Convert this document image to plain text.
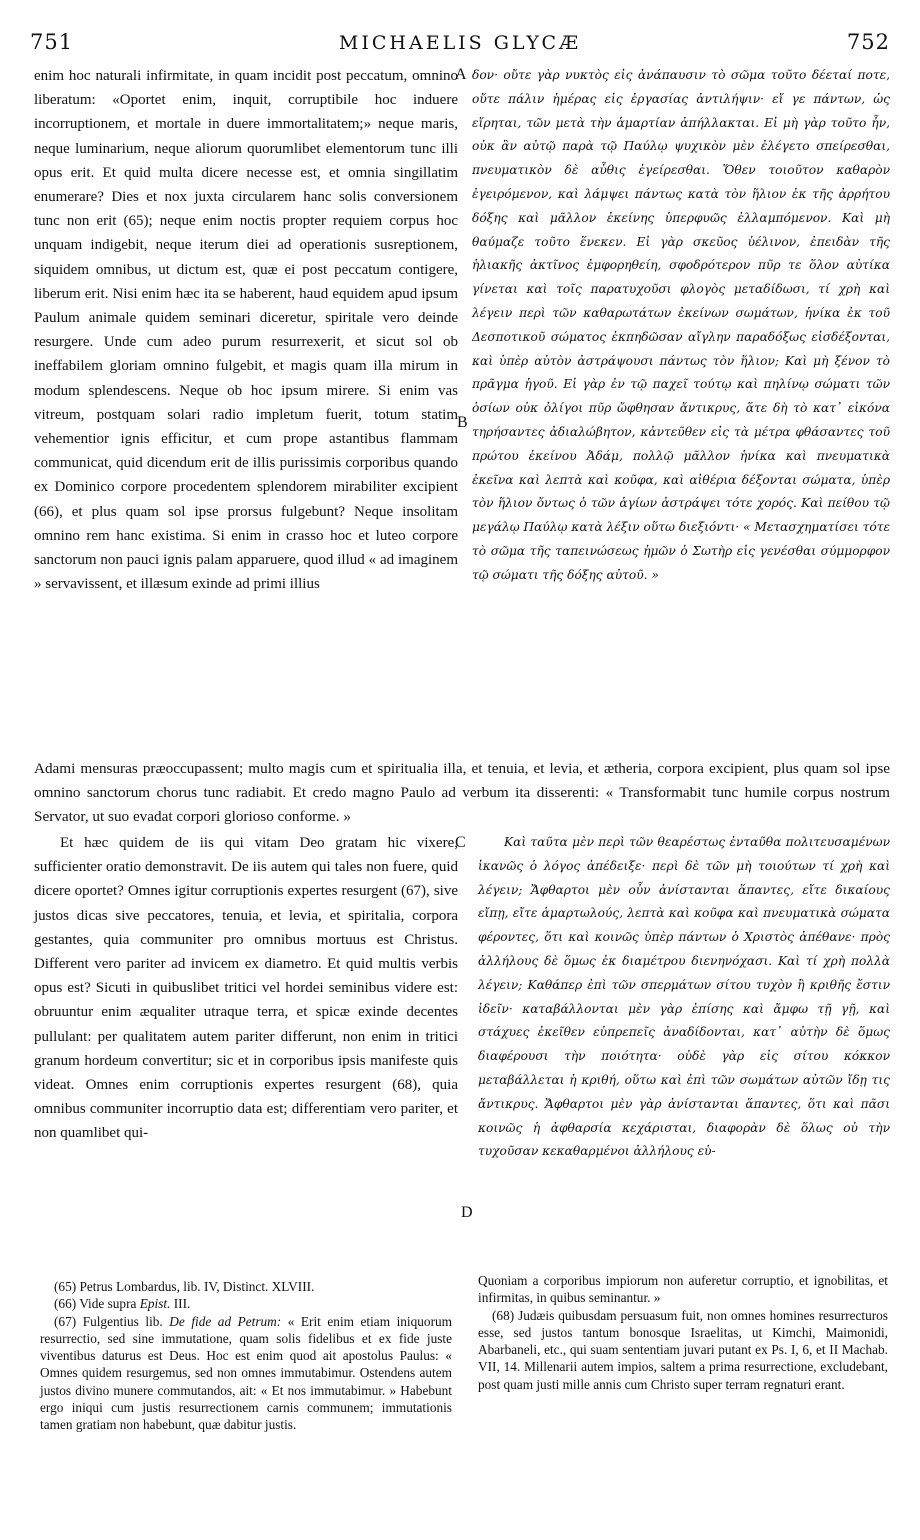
751	MICHAELIS GLYCÆ	752

enim hoc naturali infirmitate, in quam incidit post peccatum, omnino liberatum: «Oportet enim, inquit, corruptibile hoc induere incorruptionem, et mortale in duere immortalitatem;» neque maris, neque luminarium, neque aliorum quorumlibet elementorum tunc illi opus erit. Et quid multa dicere necesse est, et omnia singillatim enumerare? Dies et nox juxta circularem hanc solis conversionem tunc non erit (65); neque enim noctis propter requiem corpus hoc unquam indigebit, neque iterum diei ad operationis susreptionem, siquidem omnibus, ut dictum est, quæ ei post peccatum contigere, liberum erit. Nisi enim hæc ita se haberent, haud equidem apud ipsum Paulum animale quidem seminari diceretur, spiritale vero deinde resurgere. Unde cum adeo purum resurrexerit, et sicut sol ob ineffabilem gloriam omnino fulgebit, et magis quam illa mirum in modum splendescens. Neque ob hoc ipsum mirere. Si enim vas vitreum, postquam solari radio impletum fuerit, totum statim vehementior ignis efficitur, et cum prope astantibus flammam communicat, quid dicendum erit de illis purissimis corporibus quando ex Dominico corpore procedentem splendorem mirabiliter excipient (66), et plus quam sol ipse prorsus fulgebunt? Neque insolitam omnino rem hanc existima. Si enim in crasso hoc et luteo corpore sanctorum non pauci ignis palam apparuere, quod illud « ad imaginem » servavissent, et illæsum exinde ad primi illius

A
B

δον· οὔτε γὰρ νυκτὸς εἰς ἀνάπαυσιν τὸ σῶμα τοῦτο δέεταί ποτε, οὔτε πάλιν ἡμέρας εἰς ἐργασίας ἀντιλήψιν· εἴ γε πάντων, ὡς εἴρηται, τῶν μετὰ τὴν ἁμαρτίαν ἀπήλλακται. Εἰ μὴ γὰρ τοῦτο ἦν, οὐκ ἂν αὐτῷ παρὰ τῷ Παύλῳ ψυχικὸν μὲν ἐλέγετο σπείρεσθαι, πνευματικὸν δὲ αὖθις ἐγείρεσθαι. Ὅθεν τοιοῦτον καθαρὸν ἐγειρόμενον, καὶ λάμψει πάντως κατὰ τὸν ἥλιον ἐκ τῆς ἀρρήτου δόξης καὶ μᾶλλον ἐκείνης ὑπερφυῶς ἐλλαμπόμενον. Καὶ μὴ θαύμαζε τοῦτο ἕνεκεν. Εἰ γὰρ σκεῦος ὑέλινον, ἐπειδὰν τῆς ἡλιακῆς ἀκτῖνος ἐμφορηθείη, σφοδρότερον πῦρ τε ὅλον αὐτίκα γίνεται καὶ τοῖς παρατυχοῦσι φλογὸς μεταδίδωσι, τί χρὴ καὶ λέγειν περὶ τῶν καθαρωτάτων ἐκείνων σωμάτων, ἡνίκα ἐκ τοῦ Δεσποτικοῦ σώματος ἐκπηδῶσαν αἴγλην παραδόξως εἰσδέξονται, καὶ ὑπὲρ αὐτὸν ἀστράψουσι πάντως τὸν ἥλιον; Καὶ μὴ ξένον τὸ πρᾶγμα ἡγοῦ. Εἰ γὰρ ἐν τῷ παχεῖ τούτῳ καὶ πηλίνῳ σώματι τῶν ὁσίων οὐκ ὀλίγοι πῦρ ὤφθησαν ἄντικρυς, ἅτε δὴ τὸ κατ᾽ εἰκόνα τηρήσαντες ἀδιαλώβητον, κἀντεῦθεν εἰς τὰ μέτρα φθάσαντες τοῦ πρώτου ἐκείνου Ἀδάμ, πολλῷ μᾶλλον ἡνίκα καὶ πνευματικὰ ἐκεῖνα καὶ λεπτὰ καὶ κοῦφα, καὶ αἰθέρια δέξονται σώματα, ὑπὲρ τὸν ἥλιον ὄντως ὁ τῶν ἁγίων ἀστράψει τότε χορός. Καὶ πείθου τῷ μεγάλῳ Παύλῳ κατὰ λέξιν οὕτω διεξιόντι· « Μετασχηματίσει τότε τὸ σῶμα τῆς ταπεινώσεως ἡμῶν ὁ Σωτὴρ εἰς γενέσθαι σύμμορφον τῷ σώματι τῆς δόξης αὐτοῦ. »

Adami mensuras præoccupassent; multo magis cum et spiritualia illa, et tenuia, et levia, et ætheria, corpora excipient, plus quam sol ipse omnino sanctorum chorus tunc radiabit. Et credo magno Paulo ad verbum ita disserenti: « Transformabit tunc humile corpus nostrum Servator, ut suo evadat corpori glorioso conforme. »

Et hæc quidem de iis qui vitam Deo gratam hic vixere, sufficienter oratio demonstravit. De iis autem qui tales non fuere, quid dicere oportet? Omnes igitur corruptionis expertes resurgent (67), sive justos dicas sive peccatores, tenuia, et levia, et spiritalia, corpora gestantes, quia communiter pro omnibus mortuus est Christus. Different vero pariter ad invicem ex diametro. Et quid multis verbis opus est? Sicuti in quibuslibet tritici vel hordei seminibus videre est: obruuntur enim æqualiter utraque terra, et spicæ exinde decentes pullulant: per qualitatem autem pariter differunt, non enim in tritici granum hordeum convertitur; sic et in corporibus ipsis manifeste quis videat. Omnes enim corruptionis expertes resurgent (68), quia omnibus communiter incorruptio data est; differentiam vero pariter, et non quamlibet qui-

C
D

Καὶ ταῦτα μὲν περὶ τῶν θεαρέστως ἐνταῦθα πολιτευσαμένων ἱκανῶς ὁ λόγος ἀπέδειξε· περὶ δὲ τῶν μὴ τοιούτων τί χρὴ καὶ λέγειν; Ἄφθαρτοι μὲν οὖν ἀνίστανται ἅπαντες, εἴτε δικαίους εἴπῃ, εἴτε ἁμαρτωλούς, λεπτὰ καὶ κοῦφα καὶ πνευματικὰ σώματα φέροντες, ὅτι καὶ κοινῶς ὑπὲρ πάντων ὁ Χριστὸς ἀπέθανε· πρὸς ἀλλήλους δὲ ὅμως ἐκ διαμέτρου διενηνόχασι. Καὶ τί χρὴ πολλὰ λέγειν; Καθάπερ ἐπὶ τῶν σπερμάτων σίτου τυχὸν ἢ κριθῆς ἔστιν ἰδεῖν· καταβάλλονται μὲν γὰρ ἐπίσης καὶ ἄμφω τῇ γῇ, καὶ στάχυες ἐκεῖθεν εὐπρεπεῖς ἀναδίδονται, κατ᾽ αὐτὴν δὲ ὅμως διαφέρουσι τὴν ποιότητα· οὐδὲ γὰρ εἰς σίτου κόκκον μεταβάλλεται ἡ κριθή, οὕτω καὶ ἐπὶ τῶν σωμάτων αὐτῶν ἴδῃ τις ἄντικρυς. Ἄφθαρτοι μὲν γὰρ ἀνίστανται ἅπαντες, ὅτι καὶ πᾶσι κοινῶς ἡ ἀφθαρσία κεχάρισται, διαφορὰν δὲ ὅλως οὐ τὴν τυχοῦσαν κεκαθαρμένοι ἀλλήλους εὑ-

(65) Petrus Lombardus, lib. IV, Distinct. XLVIII.

(66) Vide supra Epist. III.

(67) Fulgentius lib. De fide ad Petrum: « Erit enim etiam iniquorum resurrectio, sed sine immutatione, quam solis fidelibus et ex fide juste viventibus daturus est Deus. Hoc est enim quod ait apostolus Paulus: « Omnes quidem resurgemus, sed non omnes immutabimur. Ostendens autem justos divino munere commutandos, ait: « Et nos immutabimur. » Habebunt ergo iniqui cum justis resurrectionem carnis communem; immutationis tamen gratiam non habebunt, quæ dabitur justis.

Quoniam a corporibus impiorum non auferetur corruptio, et ignobilitas, et infirmitas, in quibus seminantur. »

(68) Judæis quibusdam persuasum fuit, non omnes homines resurrecturos esse, sed justos tantum bonosque Israelitas, ut Kimchi, Maimonidi, Abarbaneli, etc., qui suam sententiam juvari putant ex Ps. I, 6, et II Machab. VII, 14. Millenarii autem impios, saltem a prima resurrectione, excludebant, post quam justi mille annis cum Christo super terram regnaturi erant.
